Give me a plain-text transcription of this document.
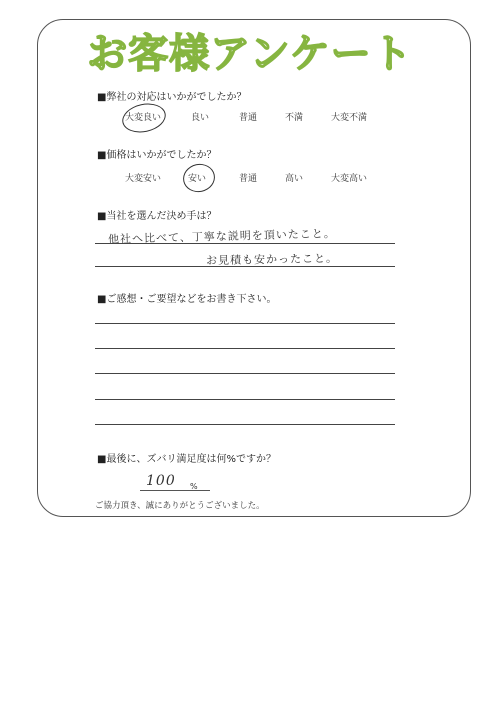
お客様アンケート
■弊社の対応はいかがでしたか？
大変良い	良い	普通	不満	大変不満
■価格はいかがでしたか？
大変安い	安い	普通	高い	大変高い
■当社を選んだ決め手は？
他社へ比べて、丁寧な説明を頂いたこと。
お見積も安かったこと。
■ご感想・ご要望などをお書き下さい。
■最後に、ズバリ満足度は何%ですか？
100 %
ご協力頂き、誠にありがとうございました。
